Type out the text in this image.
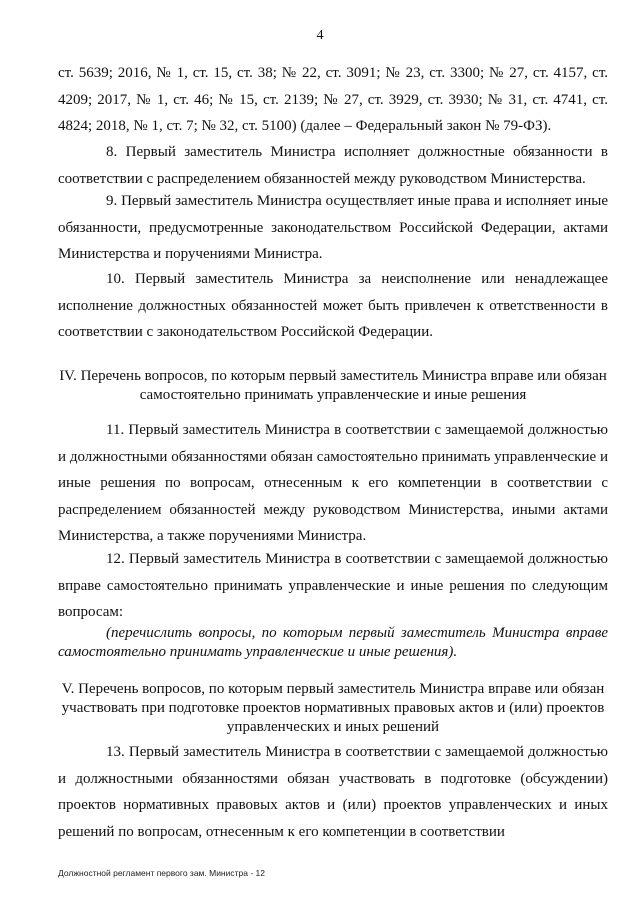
4
ст. 5639; 2016, № 1, ст. 15, ст. 38; № 22, ст. 3091; № 23, ст. 3300; № 27, ст. 4157, ст. 4209; 2017, № 1, ст. 46; № 15, ст. 2139; № 27, ст. 3929, ст. 3930; № 31, ст. 4741, ст. 4824; 2018, № 1, ст. 7; № 32, ст. 5100) (далее – Федеральный закон № 79-ФЗ).
8. Первый заместитель Министра исполняет должностные обязанности в соответствии с распределением обязанностей между руководством Министерства.
9. Первый заместитель Министра осуществляет иные права и исполняет иные обязанности, предусмотренные законодательством Российской Федерации, актами Министерства и поручениями Министра.
10. Первый заместитель Министра за неисполнение или ненадлежащее исполнение должностных обязанностей может быть привлечен к ответственности в соответствии с законодательством Российской Федерации.
IV. Перечень вопросов, по которым первый заместитель Министра вправе или обязан самостоятельно принимать управленческие и иные решения
11. Первый заместитель Министра в соответствии с замещаемой должностью и должностными обязанностями обязан самостоятельно принимать управленческие и иные решения по вопросам, отнесенным к его компетенции в соответствии с распределением обязанностей между руководством Министерства, иными актами Министерства, а также поручениями Министра.
12. Первый заместитель Министра в соответствии с замещаемой должностью вправе самостоятельно принимать управленческие и иные решения по следующим вопросам:
(перечислить вопросы, по которым первый заместитель Министра вправе самостоятельно принимать управленческие и иные решения).
V. Перечень вопросов, по которым первый заместитель Министра вправе или обязан участвовать при подготовке проектов нормативных правовых актов и (или) проектов управленческих и иных решений
13. Первый заместитель Министра в соответствии с замещаемой должностью и должностными обязанностями обязан участвовать в подготовке (обсуждении) проектов нормативных правовых актов и (или) проектов управленческих и иных решений по вопросам, отнесенным к его компетенции в соответствии
Должностной регламент первого зам. Министра - 12
